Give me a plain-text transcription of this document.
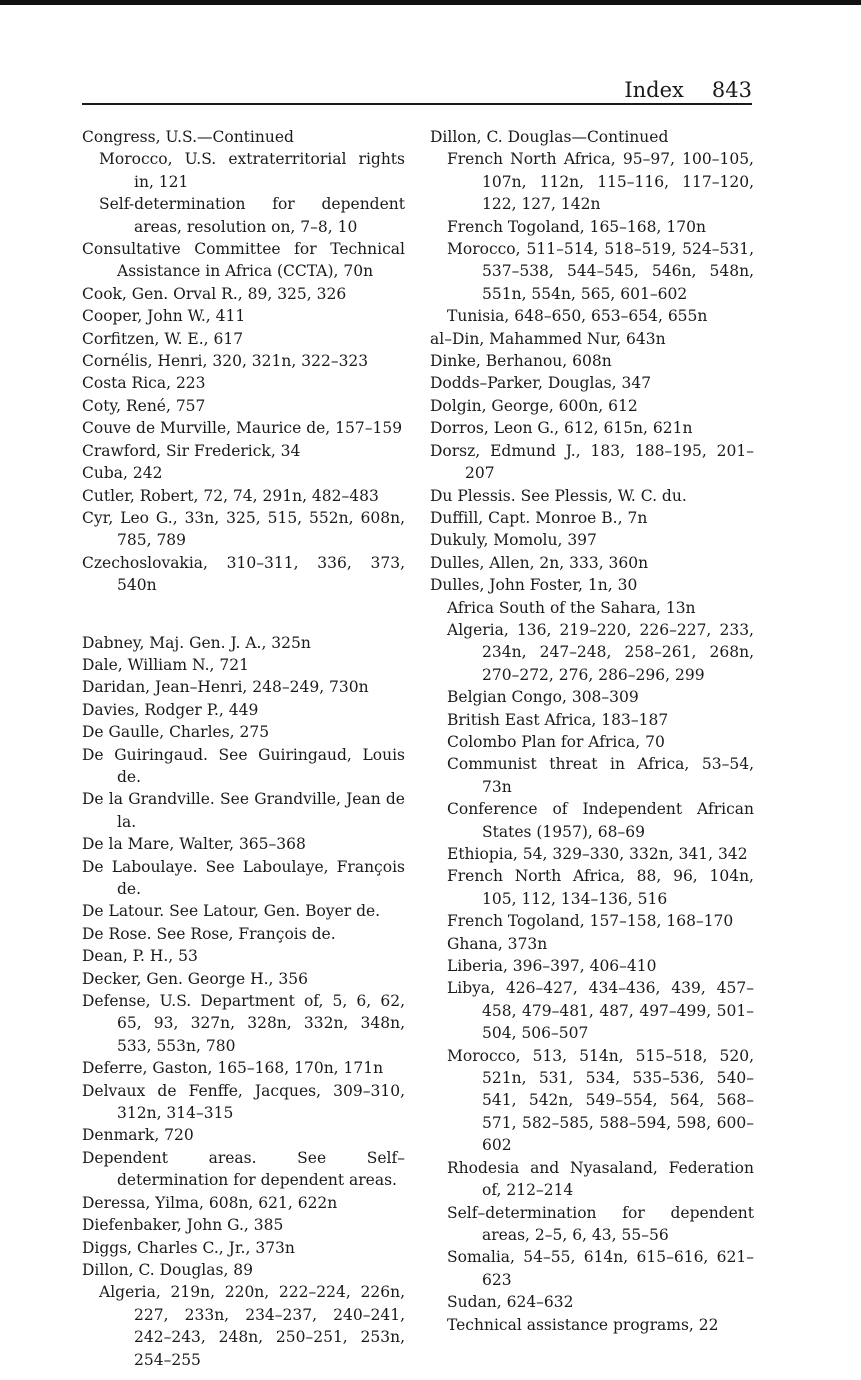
Index 843
Congress, U.S.—Continued
Morocco, U.S. extraterritorial rights in, 121
Self-determination for dependent areas, resolution on, 7–8, 10
Consultative Committee for Technical Assistance in Africa (CCTA), 70n
Cook, Gen. Orval R., 89, 325, 326
Cooper, John W., 411
Corfitzen, W. E., 617
Cornélis, Henri, 320, 321n, 322–323
Costa Rica, 223
Coty, René, 757
Couve de Murville, Maurice de, 157–159
Crawford, Sir Frederick, 34
Cuba, 242
Cutler, Robert, 72, 74, 291n, 482–483
Cyr, Leo G., 33n, 325, 515, 552n, 608n, 785, 789
Czechoslovakia, 310–311, 336, 373, 540n
Dabney, Maj. Gen. J. A., 325n
Dale, William N., 721
Daridan, Jean–Henri, 248–249, 730n
Davies, Rodger P., 449
De Gaulle, Charles, 275
De Guiringaud. See Guiringaud, Louis de.
De la Grandville. See Grandville, Jean de la.
De la Mare, Walter, 365–368
De Laboulaye. See Laboulaye, François de.
De Latour. See Latour, Gen. Boyer de.
De Rose. See Rose, François de.
Dean, P. H., 53
Decker, Gen. George H., 356
Defense, U.S. Department of, 5, 6, 62, 65, 93, 327n, 328n, 332n, 348n, 533, 553n, 780
Deferre, Gaston, 165–168, 170n, 171n
Delvaux de Fenffe, Jacques, 309–310, 312n, 314–315
Denmark, 720
Dependent areas. See Self–determination for dependent areas.
Deressa, Yilma, 608n, 621, 622n
Diefenbaker, John G., 385
Diggs, Charles C., Jr., 373n
Dillon, C. Douglas, 89
Algeria, 219n, 220n, 222–224, 226n, 227, 233n, 234–237, 240–241, 242–243, 248n, 250–251, 253n, 254–255
Dillon, C. Douglas—Continued
French North Africa, 95–97, 100–105, 107n, 112n, 115–116, 117–120, 122, 127, 142n
French Togoland, 165–168, 170n
Morocco, 511–514, 518–519, 524–531, 537–538, 544–545, 546n, 548n, 551n, 554n, 565, 601–602
Tunisia, 648–650, 653–654, 655n
al–Din, Mahammed Nur, 643n
Dinke, Berhanou, 608n
Dodds–Parker, Douglas, 347
Dolgin, George, 600n, 612
Dorros, Leon G., 612, 615n, 621n
Dorsz, Edmund J., 183, 188–195, 201–207
Du Plessis. See Plessis, W. C. du.
Duffill, Capt. Monroe B., 7n
Dukuly, Momolu, 397
Dulles, Allen, 2n, 333, 360n
Dulles, John Foster, 1n, 30
Africa South of the Sahara, 13n
Algeria, 136, 219–220, 226–227, 233, 234n, 247–248, 258–261, 268n, 270–272, 276, 286–296, 299
Belgian Congo, 308–309
British East Africa, 183–187
Colombo Plan for Africa, 70
Communist threat in Africa, 53–54, 73n
Conference of Independent African States (1957), 68–69
Ethiopia, 54, 329–330, 332n, 341, 342
French North Africa, 88, 96, 104n, 105, 112, 134–136, 516
French Togoland, 157–158, 168–170
Ghana, 373n
Liberia, 396–397, 406–410
Libya, 426–427, 434–436, 439, 457–458, 479–481, 487, 497–499, 501–504, 506–507
Morocco, 513, 514n, 515–518, 520, 521n, 531, 534, 535–536, 540–541, 542n, 549–554, 564, 568–571, 582–585, 588–594, 598, 600–602
Rhodesia and Nyasaland, Federation of, 212–214
Self–determination for dependent areas, 2–5, 6, 43, 55–56
Somalia, 54–55, 614n, 615–616, 621–623
Sudan, 624–632
Technical assistance programs, 22
